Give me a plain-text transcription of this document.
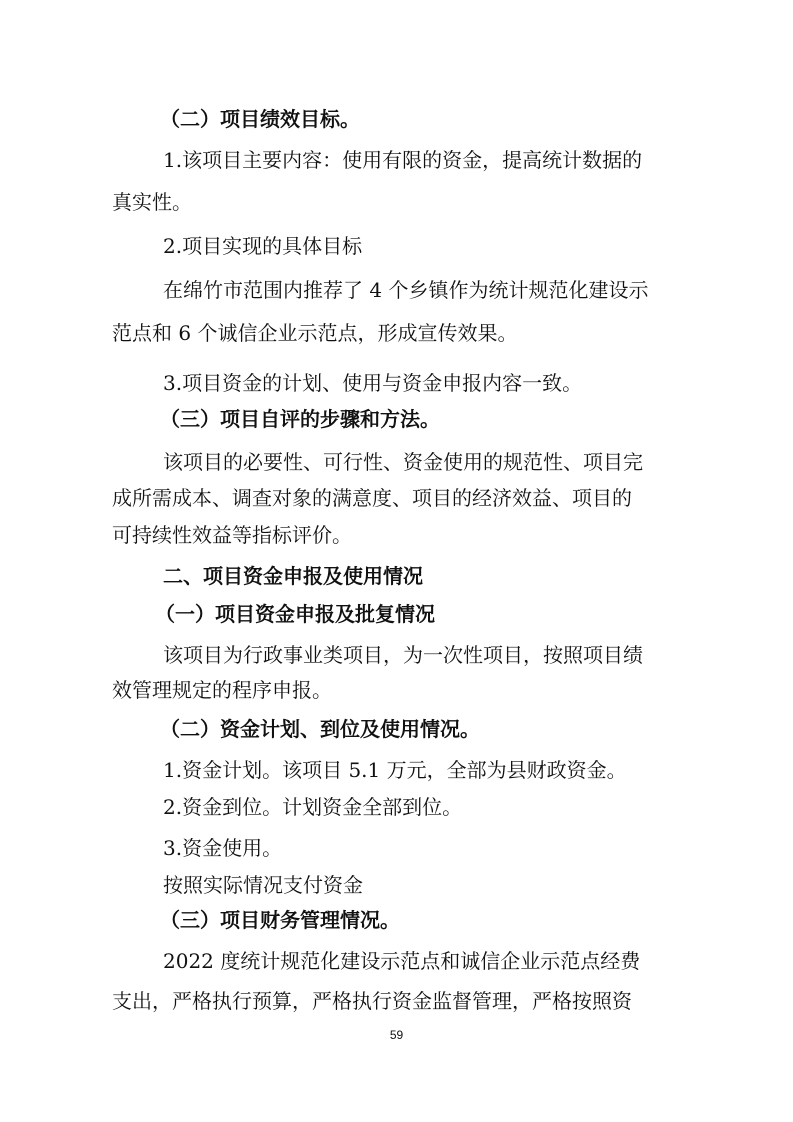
（二）项目绩效目标。
1.该项目主要内容：使用有限的资金，提高统计数据的
真实性。
2.项目实现的具体目标
在绵竹市范围内推荐了 4 个乡镇作为统计规范化建设示
范点和 6 个诚信企业示范点，形成宣传效果。
3.项目资金的计划、使用与资金申报内容一致。
（三）项目自评的步骤和方法。
该项目的必要性、可行性、资金使用的规范性、项目完
成所需成本、调查对象的满意度、项目的经济效益、项目的
可持续性效益等指标评价。
二、项目资金申报及使用情况
（一）项目资金申报及批复情况
该项目为行政事业类项目，为一次性项目，按照项目绩
效管理规定的程序申报。
（二）资金计划、到位及使用情况。
1.资金计划。该项目 5.1 万元，全部为县财政资金。
2.资金到位。计划资金全部到位。
3.资金使用。
按照实际情况支付资金
（三）项目财务管理情况。
2022 度统计规范化建设示范点和诚信企业示范点经费
支出，严格执行预算，严格执行资金监督管理，严格按照资
59
